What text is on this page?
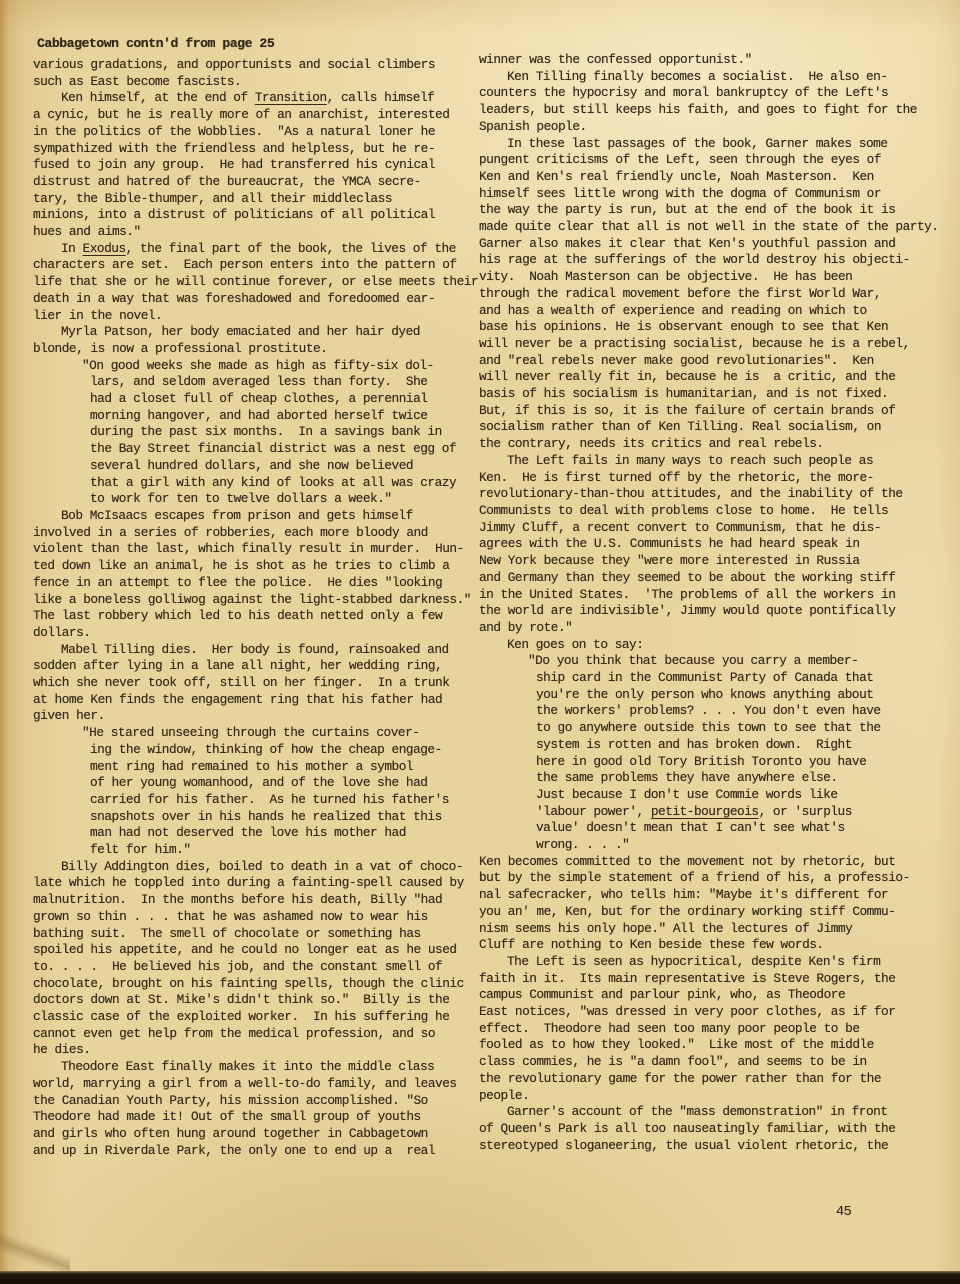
Cabbagetown contn'd from page 25

various gradations, and opportunists and social climbers
such as East become fascists.

Ken himself, at the end of Transition, calls himself
a cynic, but he is really more of an anarchist, interested
in the politics of the Wobblies.  "As a natural loner he
sympathized with the friendless and helpless, but he re-
fused to join any group.  He had transferred his cynical
distrust and hatred of the bureaucrat, the YMCA secre-
tary, the Bible-thumper, and all their middleclass
minions, into a distrust of politicians of all political
hues and aims."

In Exodus, the final part of the book, the lives of the
characters are set.  Each person enters into the pattern of
life that she or he will continue forever, or else meets their
death in a way that was foreshadowed and foredoomed ear-
lier in the novel.

Myrla Patson, her body emaciated and her hair dyed
blonde, is now a professional prostitute.

"On good weeks she made as high as fifty-six dol-
lars, and seldom averaged less than forty.  She
had a closet full of cheap clothes, a perennial
morning hangover, and had aborted herself twice
during the past six months.  In a savings bank in
the Bay Street financial district was a nest egg of
several hundred dollars, and she now believed
that a girl with any kind of looks at all was crazy
to work for ten to twelve dollars a week."

Bob McIsaacs escapes from prison and gets himself
involved in a series of robberies, each more bloody and
violent than the last, which finally result in murder.  Hun-
ted down like an animal, he is shot as he tries to climb a
fence in an attempt to flee the police.  He dies "looking
like a boneless golliwog against the light-stabbed darkness."
The last robbery which led to his death netted only a few
dollars.

Mabel Tilling dies.  Her body is found, rainsoaked and
sodden after lying in a lane all night, her wedding ring,
which she never took off, still on her finger.  In a trunk
at home Ken finds the engagement ring that his father had
given her.

"He stared unseeing through the curtains cover-
ing the window, thinking of how the cheap engage-
ment ring had remained to his mother a symbol
of her young womanhood, and of the love she had
carried for his father.  As he turned his father's
snapshots over in his hands he realized that this
man had not deserved the love his mother had
felt for him."

Billy Addington dies, boiled to death in a vat of choco-
late which he toppled into during a fainting-spell caused by
malnutrition.  In the months before his death, Billy "had
grown so thin . . . that he was ashamed now to wear his
bathing suit.  The smell of chocolate or something has
spoiled his appetite, and he could no longer eat as he used
to. . . .  He believed his job, and the constant smell of
chocolate, brought on his fainting spells, though the clinic
doctors down at St. Mike's didn't think so."  Billy is the
classic case of the exploited worker.  In his suffering he
cannot even get help from the medical profession, and so
he dies.

Theodore East finally makes it into the middle class
world, marrying a girl from a well-to-do family, and leaves
the Canadian Youth Party, his mission accomplished. "So
Theodore had made it! Out of the small group of youths
and girls who often hung around together in Cabbagetown
and up in Riverdale Park, the only one to end up a  real

winner was the confessed opportunist."

Ken Tilling finally becomes a socialist.  He also en-
counters the hypocrisy and moral bankruptcy of the Left's
leaders, but still keeps his faith, and goes to fight for the
Spanish people.

In these last passages of the book, Garner makes some
pungent criticisms of the Left, seen through the eyes of
Ken and Ken's real friendly uncle, Noah Masterson.  Ken
himself sees little wrong with the dogma of Communism or
the way the party is run, but at the end of the book it is
made quite clear that all is not well in the state of the party.
Garner also makes it clear that Ken's youthful passion and
his rage at the sufferings of the world destroy his objecti-
vity.  Noah Masterson can be objective.  He has been
through the radical movement before the first World War,
and has a wealth of experience and reading on which to
base his opinions. He is observant enough to see that Ken
will never be a practising socialist, because he is a rebel,
and "real rebels never make good revolutionaries".  Ken
will never really fit in, because he is  a critic, and the
basis of his socialism is humanitarian, and is not fixed.
But, if this is so, it is the failure of certain brands of
socialism rather than of Ken Tilling. Real socialism, on
the contrary, needs its critics and real rebels.

The Left fails in many ways to reach such people as
Ken.  He is first turned off by the rhetoric, the more-
revolutionary-than-thou attitudes, and the inability of the
Communists to deal with problems close to home.  He tells
Jimmy Cluff, a recent convert to Communism, that he dis-
agrees with the U.S. Communists he had heard speak in
New York because they "were more interested in Russia
and Germany than they seemed to be about the working stiff
in the United States.  'The problems of all the workers in
the world are indivisible', Jimmy would quote pontifically
and by rote."

Ken goes on to say:

"Do you think that because you carry a member-
ship card in the Communist Party of Canada that
you're the only person who knows anything about
the workers' problems? . . . You don't even have
to go anywhere outside this town to see that the
system is rotten and has broken down.  Right
here in good old Tory British Toronto you have
the same problems they have anywhere else.
Just because I don't use Commie words like
'labour power', petit-bourgeois, or 'surplus
value' doesn't mean that I can't see what's
wrong. . . ."

Ken becomes committed to the movement not by rhetoric, but
but by the simple statement of a friend of his, a professio-
nal safecracker, who tells him: "Maybe it's different for
you an' me, Ken, but for the ordinary working stiff Commu-
nism seems his only hope." All the lectures of Jimmy
Cluff are nothing to Ken beside these few words.

The Left is seen as hypocritical, despite Ken's firm
faith in it.  Its main representative is Steve Rogers, the
campus Communist and parlour pink, who, as Theodore
East notices, "was dressed in very poor clothes, as if for
effect.  Theodore had seen too many poor people to be
fooled as to how they looked."  Like most of the middle
class commies, he is "a damn fool", and seems to be in
the revolutionary game for the power rather than for the
people.

Garner's account of the "mass demonstration" in front
of Queen's Park is all too nauseatingly familiar, with the
stereotyped sloganeering, the usual violent rhetoric, the

45
